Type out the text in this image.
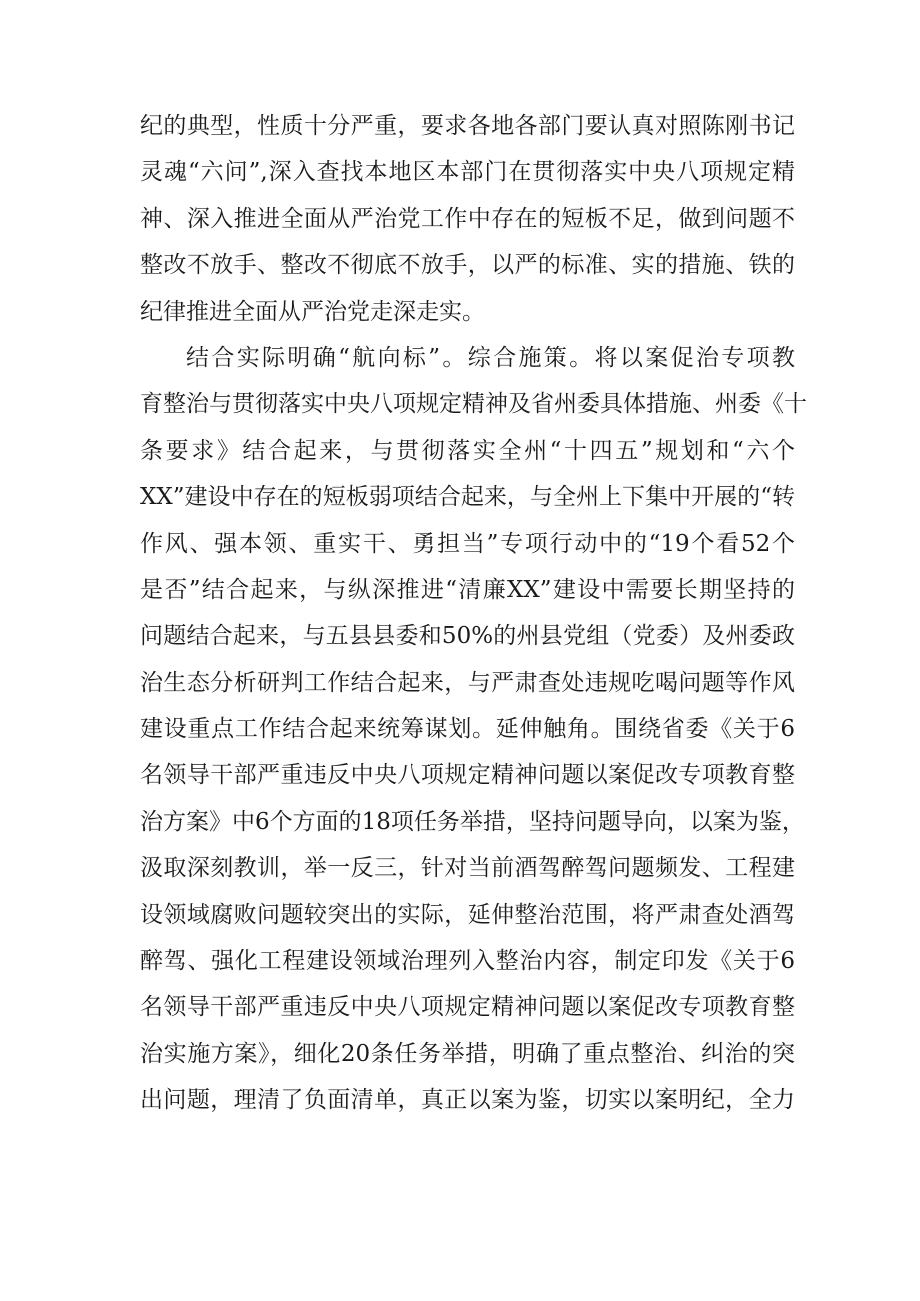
纪的典型，性质十分严重，要求各地各部门要认真对照陈刚书记
灵魂“六问”,深入查找本地区本部门在贯彻落实中央八项规定精
神、深入推进全面从严治党工作中存在的短板不足，做到问题不
整改不放手、整改不彻底不放手，以严的标准、实的措施、铁的
纪律推进全面从严治党走深走实。
结合实际明确“航向标”。综合施策。将以案促治专项教
育整治与贯彻落实中央八项规定精神及省州委具体措施、州委《十
条要求》结合起来，与贯彻落实全州“十四五”规划和“六个
XX”建设中存在的短板弱项结合起来，与全州上下集中开展的“转
作风、强本领、重实干、勇担当”专项行动中的“19个看52个
是否”结合起来，与纵深推进“清廉XX”建设中需要长期坚持的
问题结合起来，与五县县委和50%的州县党组（党委）及州委政
治生态分析研判工作结合起来，与严肃查处违规吃喝问题等作风
建设重点工作结合起来统筹谋划。延伸触角。围绕省委《关于6
名领导干部严重违反中央八项规定精神问题以案促改专项教育整
治方案》中6个方面的18项任务举措，坚持问题导向，以案为鉴，
汲取深刻教训，举一反三，针对当前酒驾醉驾问题频发、工程建
设领域腐败问题较突出的实际，延伸整治范围，将严肃查处酒驾
醉驾、强化工程建设领域治理列入整治内容，制定印发《关于6
名领导干部严重违反中央八项规定精神问题以案促改专项教育整
治实施方案》，细化20条任务举措，明确了重点整治、纠治的突
出问题，理清了负面清单，真正以案为鉴，切实以案明纪，全力
